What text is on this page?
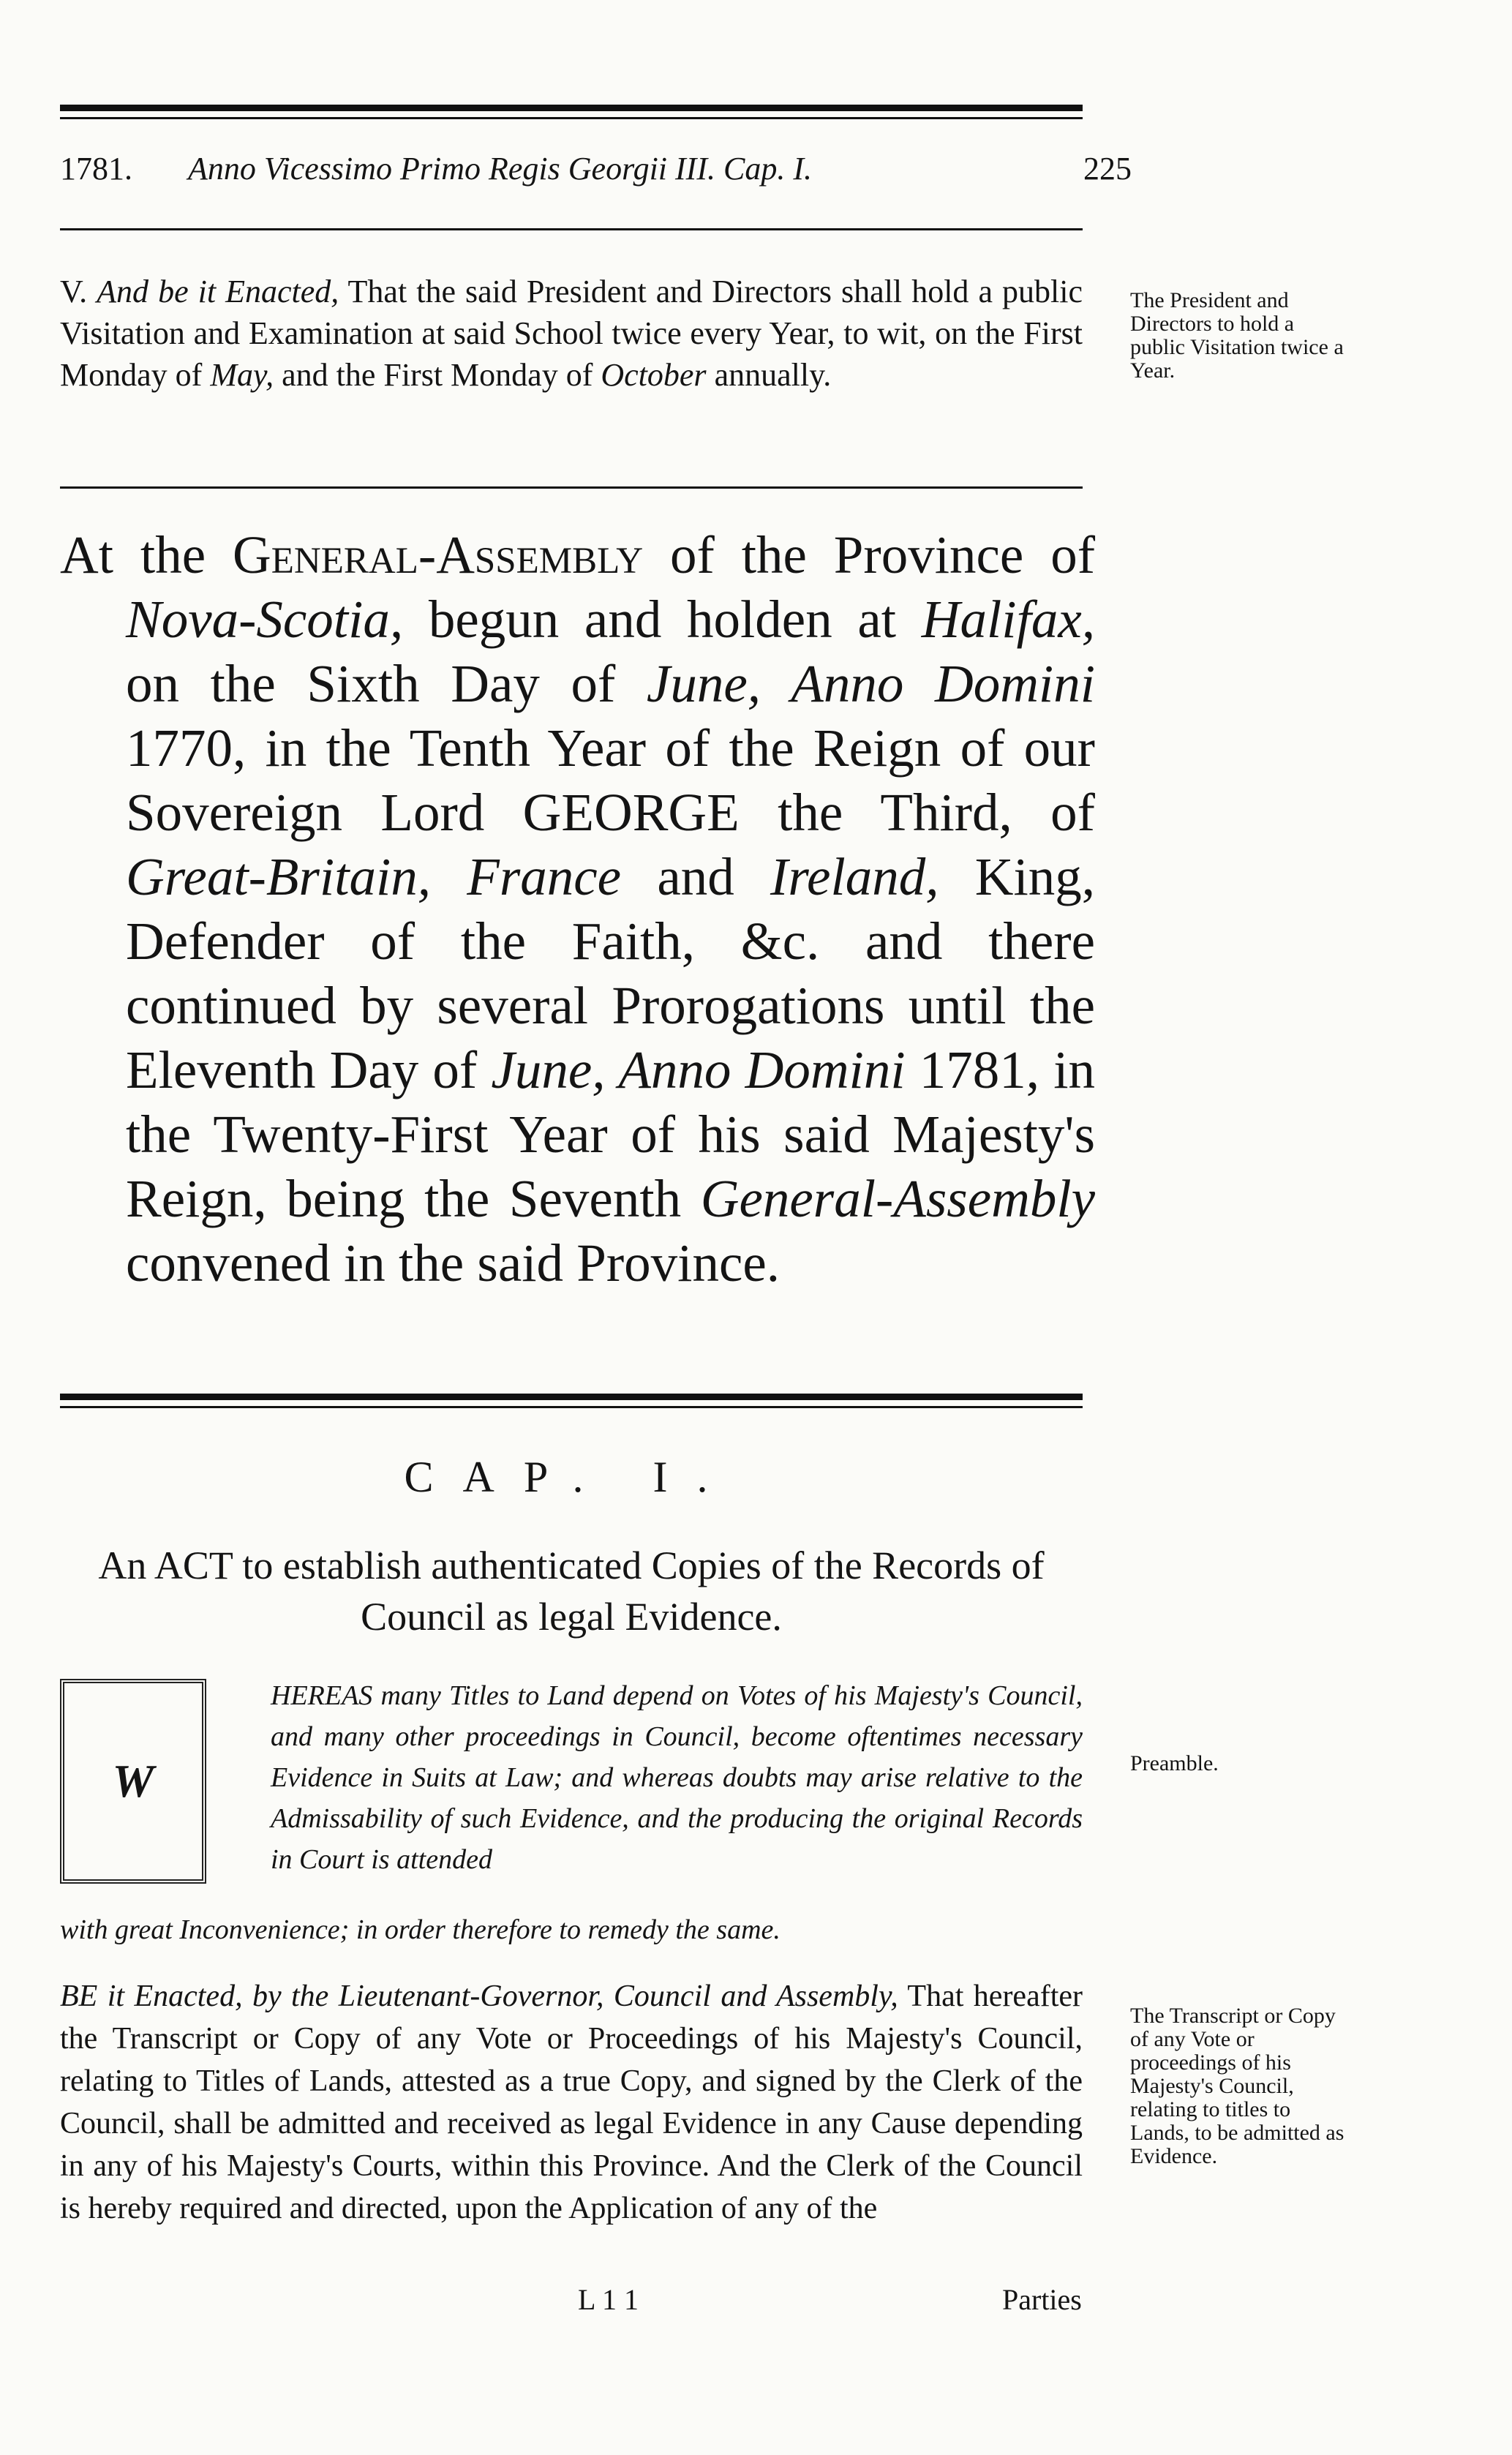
1781. Anno Vicessimo Primo Regis Georgii III. Cap. I.	225

V. And be it Enacted, That the said President and Directors shall hold a public Visitation and Examination at said School twice every Year, to wit, on the First Monday of May, and the First Monday of October annually.

The President and Directors to hold a public Visitation twice a Year.

At the General-Assembly of the Province of Nova-Scotia, begun and holden at Halifax, on the Sixth Day of June, Anno Domini 1770, in the Tenth Year of the Reign of our Sovereign Lord GEORGE the Third, of Great-Britain, France and Ireland, King, Defender of the Faith, &c. and there continued by several Prorogations until the Eleventh Day of June, Anno Domini 1781, in the Twenty-First Year of his said Majesty's Reign, being the Seventh General-Assembly convened in the said Province.

CAP. I.

An ACT to establish authenticated Copies of the Records of Council as legal Evidence.

W

HEREAS many Titles to Land depend on Votes of his Majesty's Council, and many other proceedings in Council, become oftentimes necessary Evidence in Suits at Law; and whereas doubts may arise relative to the Admissability of such Evidence, and the producing the original Records in Court is attended

with great Inconvenience; in order therefore to remedy the same.

Preamble.

BE it Enacted, by the Lieutenant-Governor, Council and Assembly, That hereafter the Transcript or Copy of any Vote or Proceedings of his Majesty's Council, relating to Titles of Lands, attested as a true Copy, and signed by the Clerk of the Council, shall be admitted and received as legal Evidence in any Cause depending in any of his Majesty's Courts, within this Province. And the Clerk of the Council is hereby required and directed, upon the Application of any of the

The Transcript or Copy of any Vote or proceedings of his Majesty's Council, relating to titles to Lands, to be admitted as Evidence.

L 1 1	Parties
